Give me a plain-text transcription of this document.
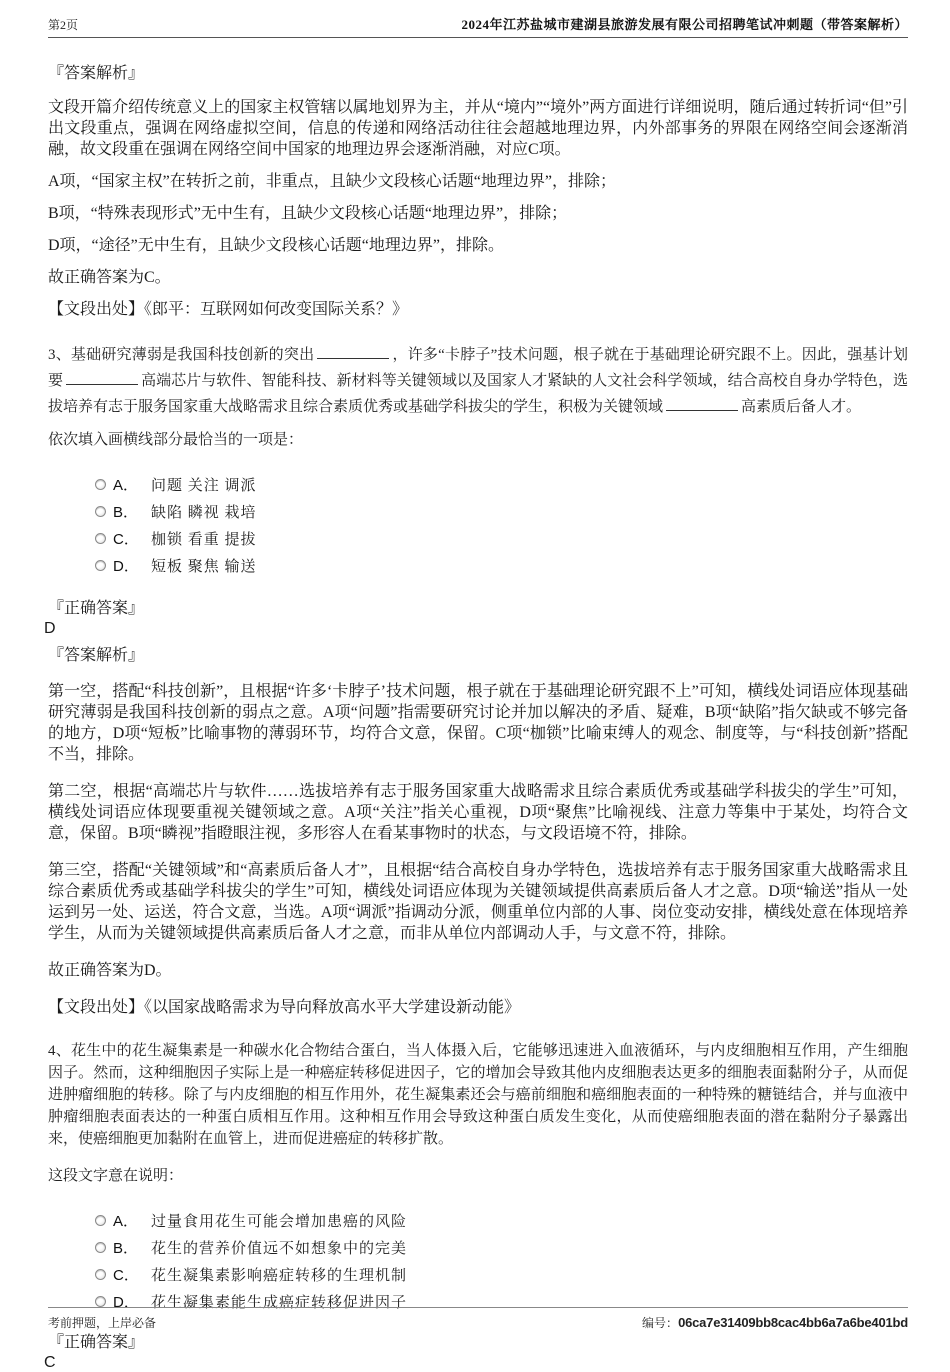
第2页	2024年江苏盐城市建湖县旅游发展有限公司招聘笔试冲刺题（带答案解析）
『答案解析』

文段开篇介绍传统意义上的国家主权管辖以属地划界为主，并从“境内”“境外”两方面进行详细说明，随后通过转折词“但”引出文段重点，强调在网络虚拟空间，信息的传递和网络活动往往会超越地理边界，内外部事务的界限在网络空间会逐渐消融，故文段重在强调在网络空间中国家的地理边界会逐渐消融，对应C项。

A项，“国家主权”在转折之前，非重点，且缺少文段核心话题“地理边界”，排除；

B项，“特殊表现形式”无中生有，且缺少文段核心话题“地理边界”，排除；

D项，“途径”无中生有，且缺少文段核心话题“地理边界”，排除。

故正确答案为C。

【文段出处】《郎平：互联网如何改变国际关系？》

3、基础研究薄弱是我国科技创新的突出	，许多“卡脖子”技术问题，根子就在于基础理论研究跟不上。因此，强基计划要	高端芯片与软件、智能科技、新材料等关键领域以及国家人才紧缺的人文社会科学领域，结合高校自身办学特色，选拔培养有志于服务国家重大战略需求且综合素质优秀或基础学科拔尖的学生，积极为关键领域	高素质后备人才。

依次填入画横线部分最恰当的一项是：

A． 问题 关注 调派
B． 缺陷 瞵视 栽培
C． 枷锁 看重 提拔
D． 短板 聚焦 输送
『正确答案』
D
『答案解析』

第一空，搭配“科技创新”，且根据“许多‘卡脖子’技术问题，根子就在于基础理论研究跟不上”可知，横线处词语应体现基础研究薄弱是我国科技创新的弱点之意。A项“问题”指需要研究讨论并加以解决的矛盾、疑难，B项“缺陷”指欠缺或不够完备的地方，D项“短板”比喻事物的薄弱环节，均符合文意，保留。C项“枷锁”比喻束缚人的观念、制度等，与“科技创新”搭配不当，排除。

第二空，根据“高端芯片与软件……选拔培养有志于服务国家重大战略需求且综合素质优秀或基础学科拔尖的学生”可知，横线处词语应体现要重视关键领域之意。A项“关注”指关心重视，D项“聚焦”比喻视线、注意力等集中于某处，均符合文意，保留。B项“瞵视”指瞪眼注视，多形容人在看某事物时的状态，与文段语境不符，排除。

第三空，搭配“关键领域”和“高素质后备人才”，且根据“结合高校自身办学特色，选拔培养有志于服务国家重大战略需求且综合素质优秀或基础学科拔尖的学生”可知，横线处词语应体现为关键领域提供高素质后备人才之意。D项“输送”指从一处运到另一处、运送，符合文意，当选。A项“调派”指调动分派，侧重单位内部的人事、岗位变动安排，横线处意在体现培养学生，从而为关键领域提供高素质后备人才之意，而非从单位内部调动人手，与文意不符，排除。

故正确答案为D。

【文段出处】《以国家战略需求为导向释放高水平大学建设新动能》

4、花生中的花生凝集素是一种碳水化合物结合蛋白，当人体摄入后，它能够迅速进入血液循环，与内皮细胞相互作用，产生细胞因子。然而，这种细胞因子实际上是一种癌症转移促进因子，它的增加会导致其他内皮细胞表达更多的细胞表面黏附分子，从而促进肿瘤细胞的转移。除了与内皮细胞的相互作用外，花生凝集素还会与癌前细胞和癌细胞表面的一种特殊的糖链结合，并与血液中肿瘤细胞表面表达的一种蛋白质相互作用。这种相互作用会导致这种蛋白质发生变化，从而使癌细胞表面的潜在黏附分子暴露出来，使癌细胞更加黏附在血管上，进而促进癌症的转移扩散。

这段文字意在说明：

A． 过量食用花生可能会增加患癌的风险
B． 花生的营养价值远不如想象中的完美
C． 花生凝集素影响癌症转移的生理机制
D． 花生凝集素能生成癌症转移促进因子
『正确答案』
C
考前押题，上岸必备	编号：06ca7e31409bb8cac4bb6a7a6be401bd
